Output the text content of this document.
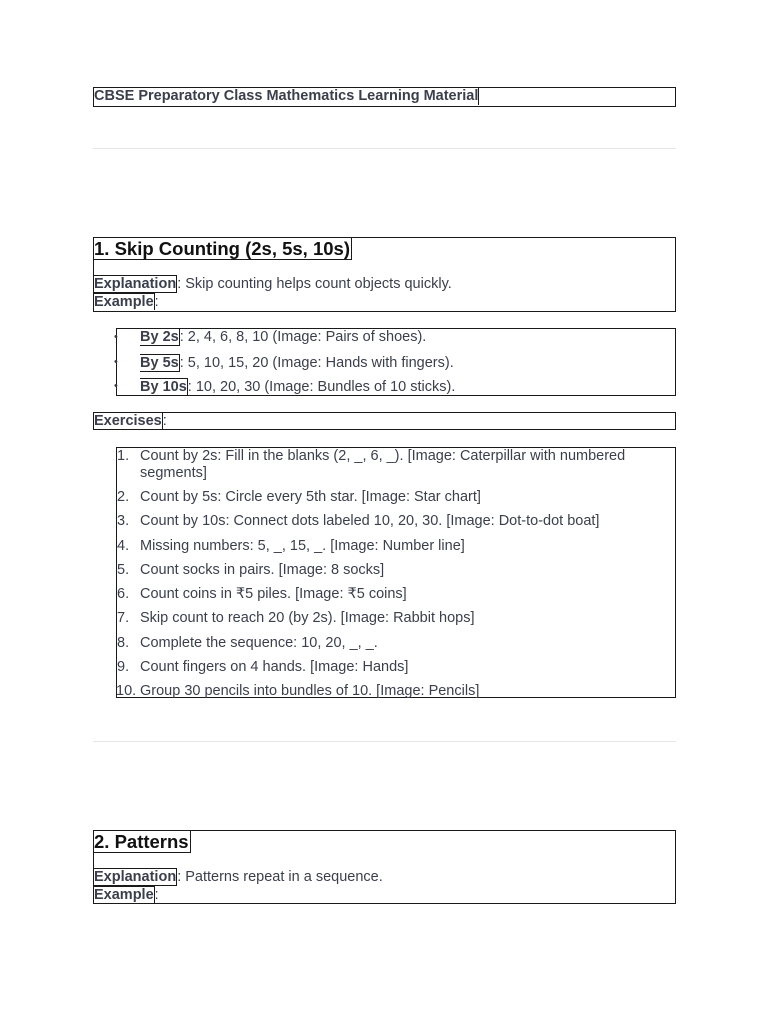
CBSE Preparatory Class Mathematics Learning Material
1. Skip Counting (2s, 5s, 10s)
Explanation: Skip counting helps count objects quickly.
Example:
• By 2s: 2, 4, 6, 8, 10 (Image: Pairs of shoes).
• By 5s: 5, 10, 15, 20 (Image: Hands with fingers).
• By 10s: 10, 20, 30 (Image: Bundles of 10 sticks).
Exercises:
1. Count by 2s: Fill in the blanks (2, _, 6, _). [Image: Caterpillar with numbered segments]
2. Count by 5s: Circle every 5th star. [Image: Star chart]
3. Count by 10s: Connect dots labeled 10, 20, 30. [Image: Dot-to-dot boat]
4. Missing numbers: 5, _, 15, _. [Image: Number line]
5. Count socks in pairs. [Image: 8 socks]
6. Count coins in ₹5 piles. [Image: ₹5 coins]
7. Skip count to reach 20 (by 2s). [Image: Rabbit hops]
8. Complete the sequence: 10, 20, _, _.
9. Count fingers on 4 hands. [Image: Hands]
10. Group 30 pencils into bundles of 10. [Image: Pencils]
2. Patterns
Explanation: Patterns repeat in a sequence.
Example:
